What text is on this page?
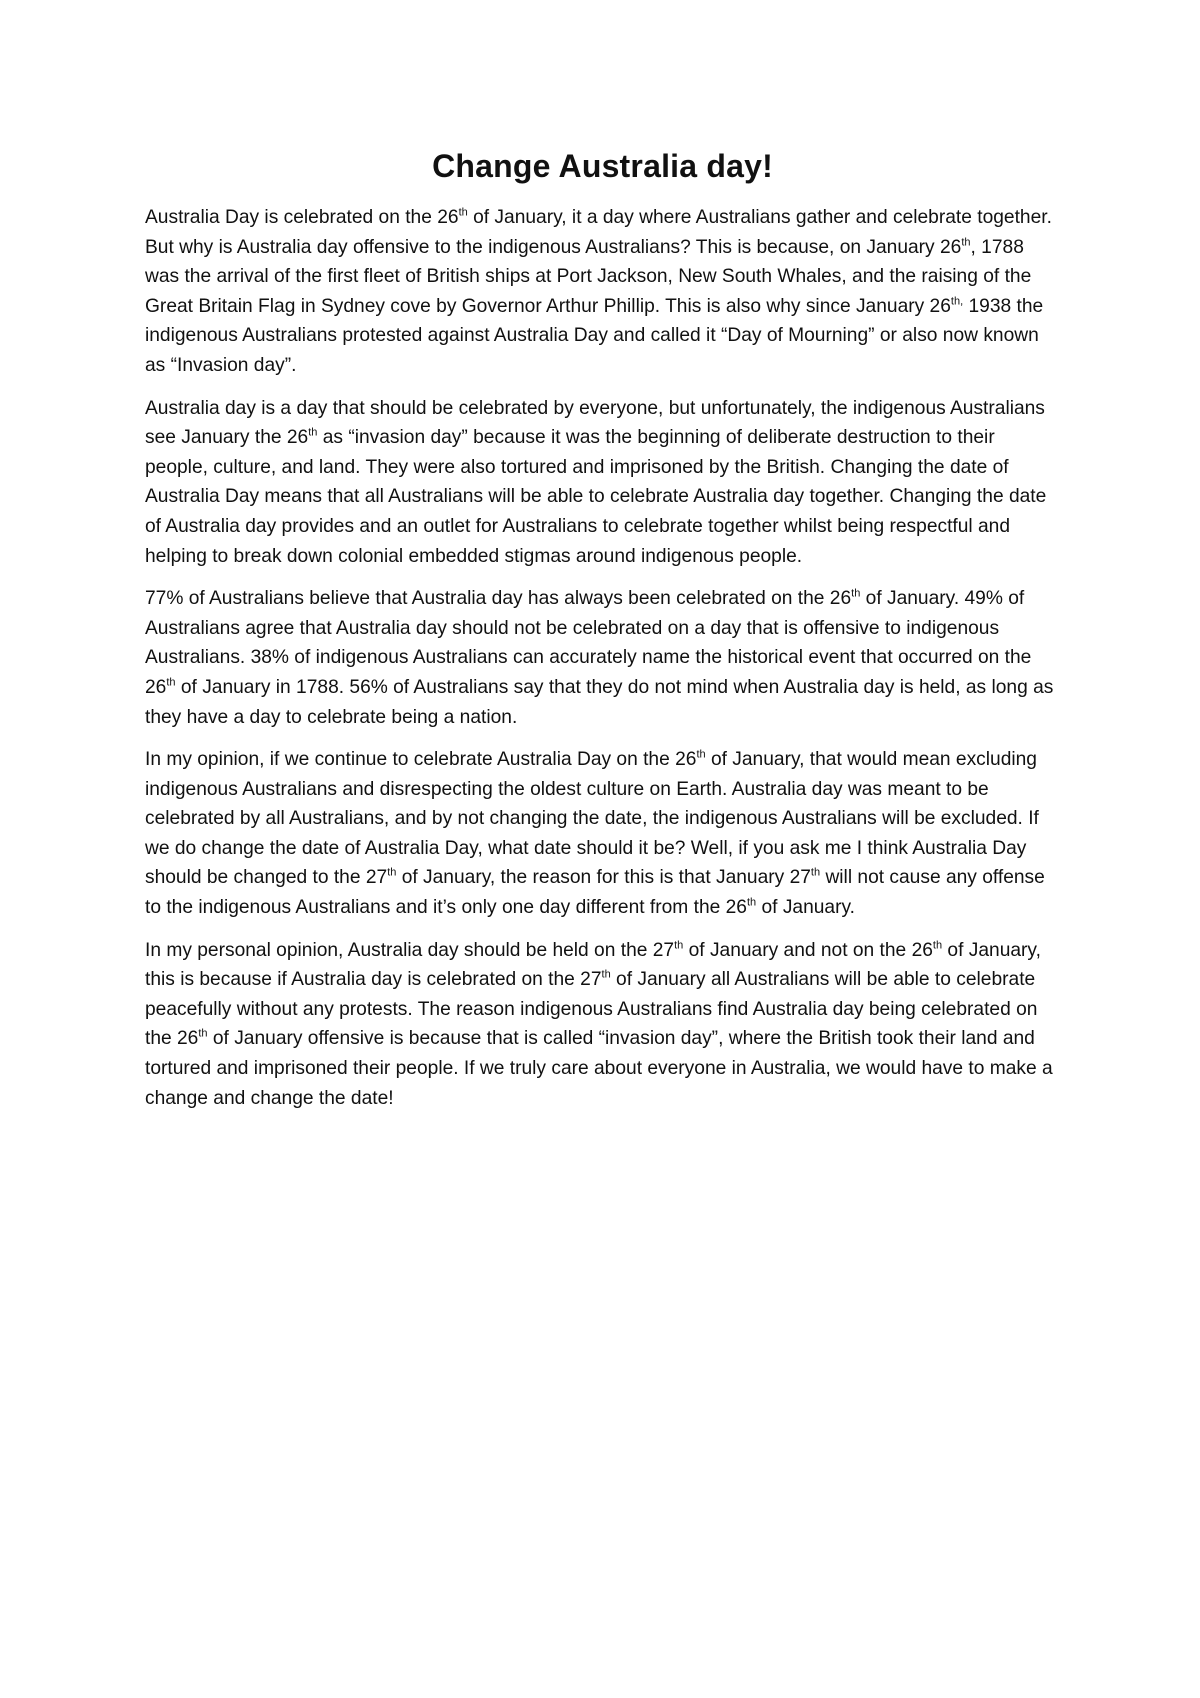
Change Australia day!

Australia Day is celebrated on the 26th of January, it a day where Australians gather and celebrate together. But why is Australia day offensive to the indigenous Australians? This is because, on January 26th, 1788 was the arrival of the first fleet of British ships at Port Jackson, New South Whales, and the raising of the Great Britain Flag in Sydney cove by Governor Arthur Phillip. This is also why since January $26^{th,}$ 1938 the indigenous Australians protested against Australia Day and called it “Day of Mourning” or also now known as “Invasion day”.

Australia day is a day that should be celebrated by everyone, but unfortunately, the indigenous Australians see January the 26th as “invasion day” because it was the beginning of deliberate destruction to their people, culture, and land. They were also tortured and imprisoned by the British. Changing the date of Australia Day means that all Australians will be able to celebrate Australia day together. Changing the date of Australia day provides and an outlet for Australians to celebrate together whilst being respectful and helping to break down colonial embedded stigmas around indigenous people.

77% of Australians believe that Australia day has always been celebrated on the 26th of January. 49% of Australians agree that Australia day should not be celebrated on a day that is offensive to indigenous Australians. 38% of indigenous Australians can accurately name the historical event that occurred on the 26th of January in 1788. 56% of Australians say that they do not mind when Australia day is held, as long as they have a day to celebrate being a nation.

In my opinion, if we continue to celebrate Australia Day on the 26th of January, that would mean excluding indigenous Australians and disrespecting the oldest culture on Earth. Australia day was meant to be celebrated by all Australians, and by not changing the date, the indigenous Australians will be excluded. If we do change the date of Australia Day, what date should it be? Well, if you ask me I think Australia Day should be changed to the 27th of January, the reason for this is that January 27th will not cause any offense to the indigenous Australians and it’s only one day different from the 26th of January.

In my personal opinion, Australia day should be held on the 27th of January and not on the 26th of January, this is because if Australia day is celebrated on the 27th of January all Australians will be able to celebrate peacefully without any protests. The reason indigenous Australians find Australia day being celebrated on the 26th of January offensive is because that is called “invasion day”, where the British took their land and tortured and imprisoned their people. If we truly care about everyone in Australia, we would have to make a change and change the date!
